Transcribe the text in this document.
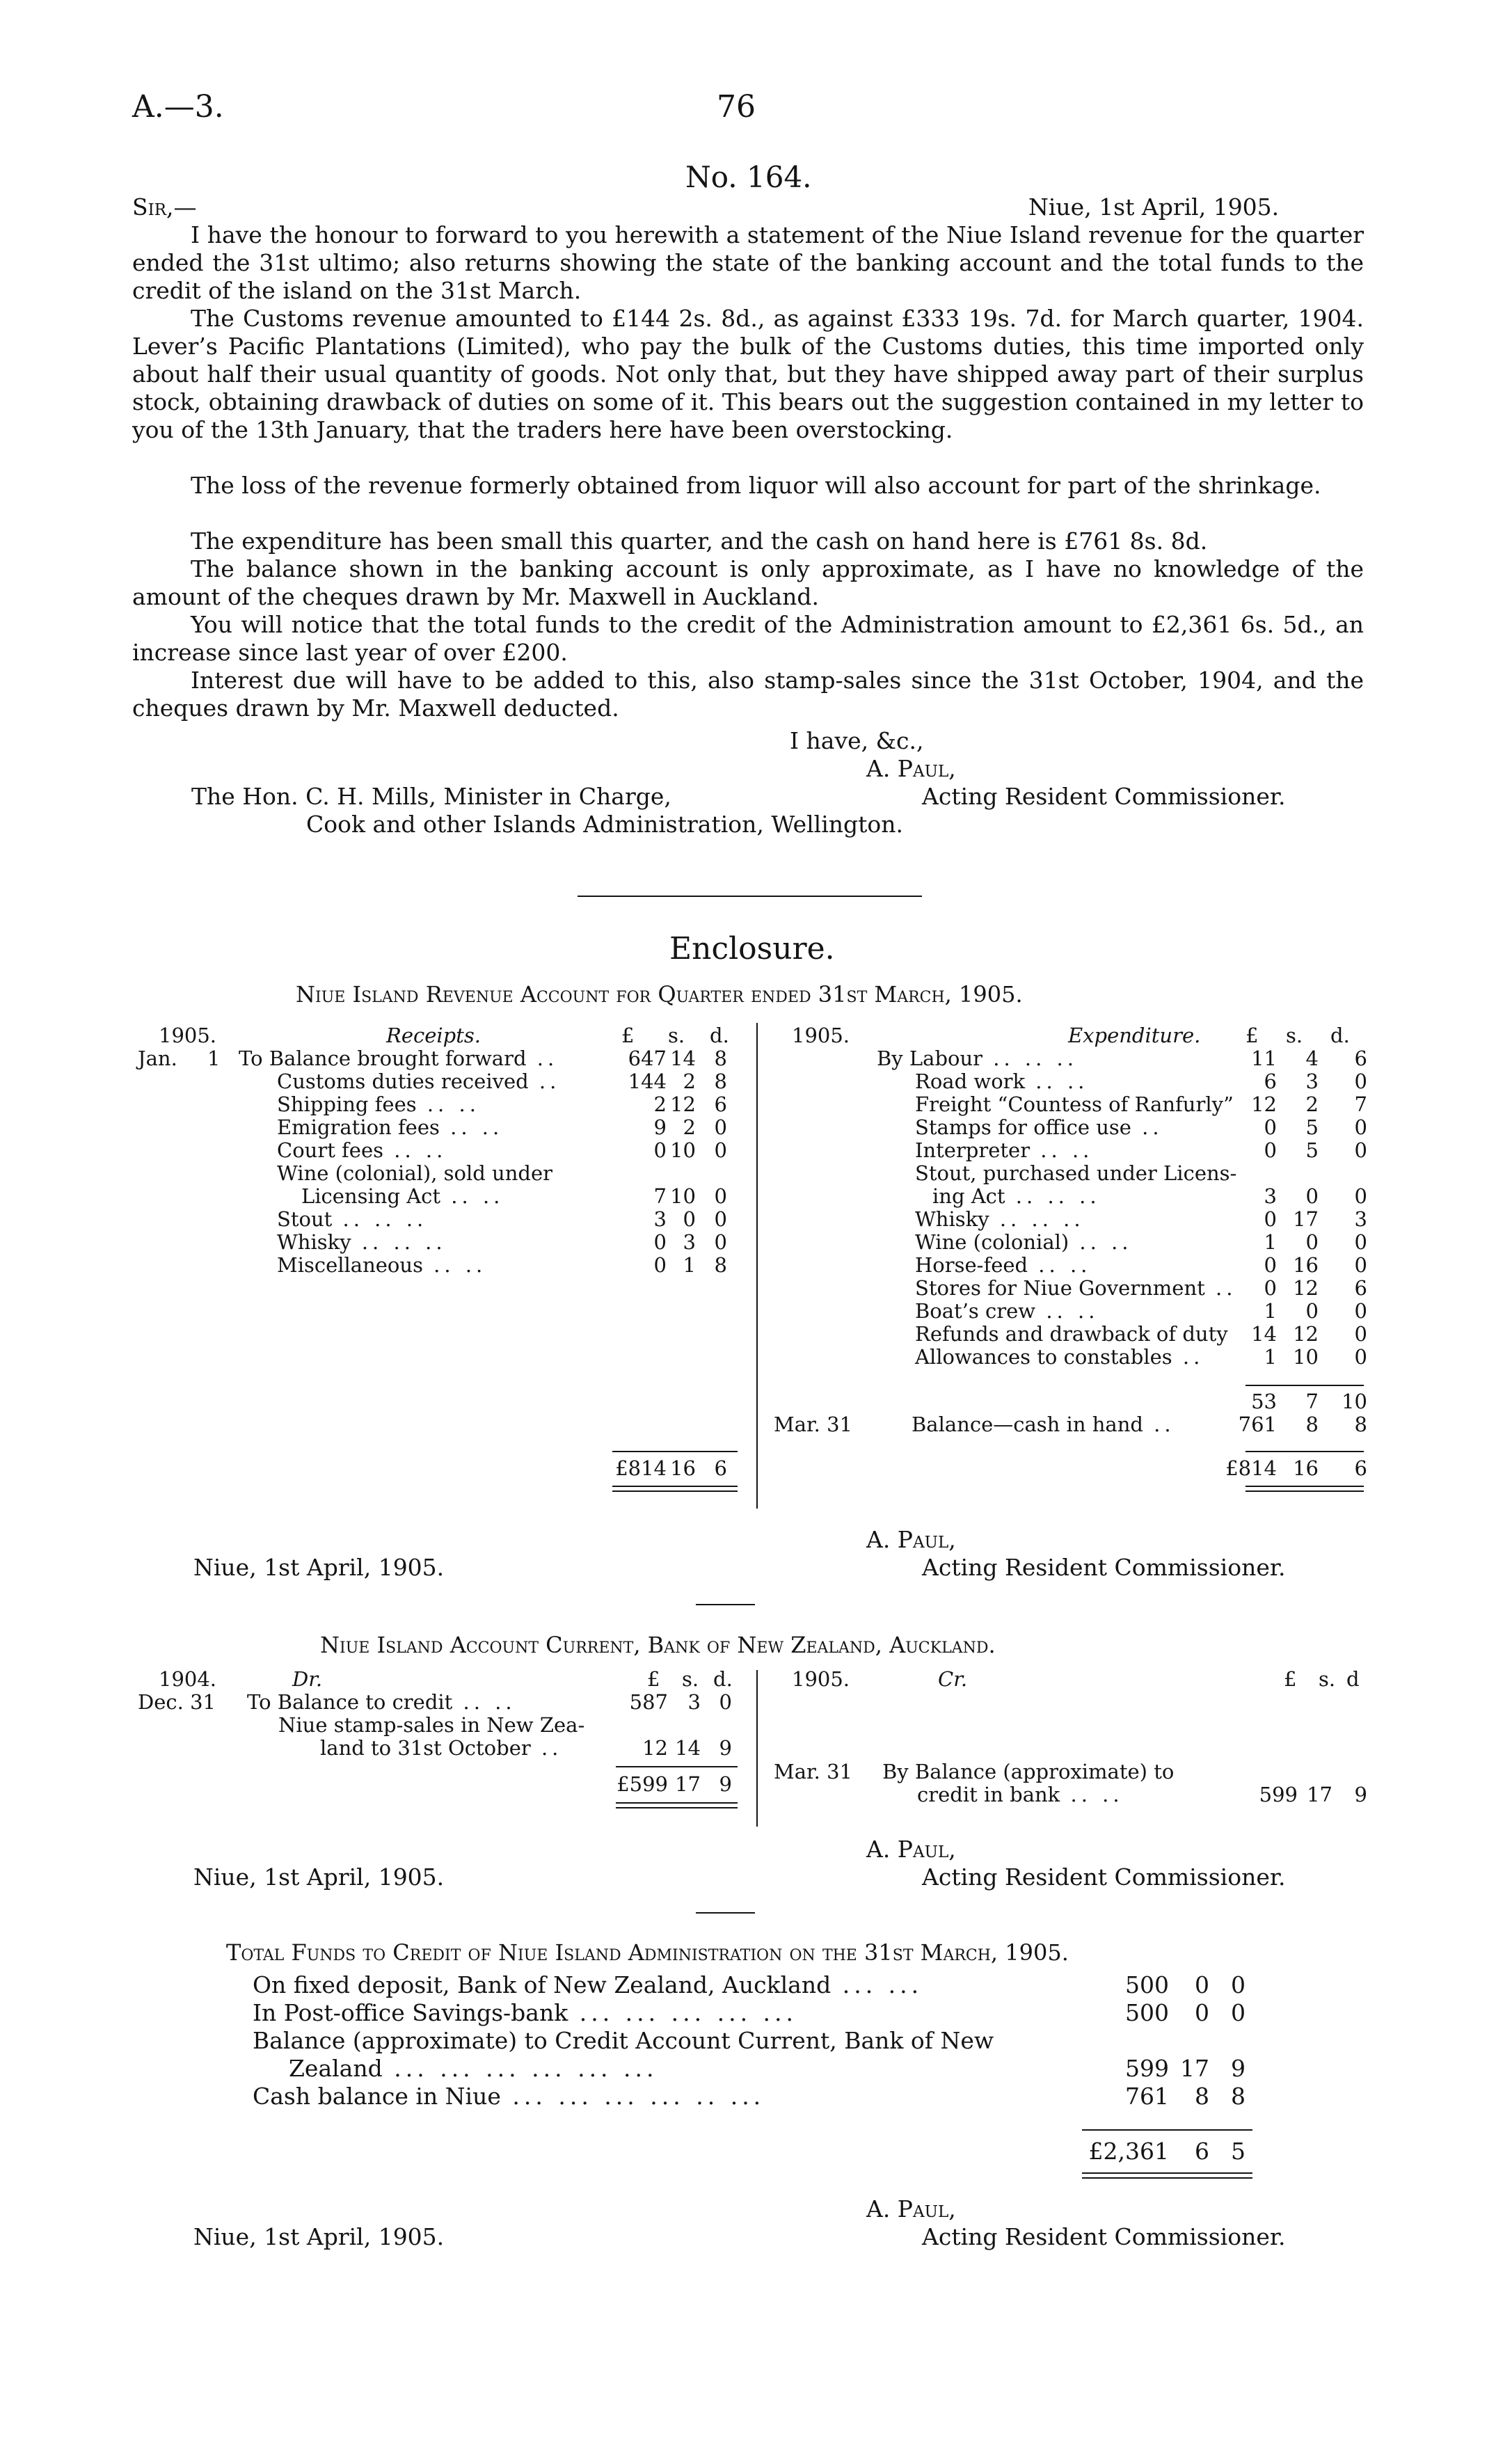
A.—3.	76
No. 164.
Sir,—	Niue, 1st April, 1905.
I have the honour to forward to you herewith a statement of the Niue Island revenue for the quarter ended the 31st ultimo; also returns showing the state of the banking account and the total funds to the credit of the island on the 31st March.
The Customs revenue amounted to £144 2s. 8d., as against £333 19s. 7d. for March quarter, 1904. Lever’s Pacific Plantations (Limited), who pay the bulk of the Customs duties, this time imported only about half their usual quantity of goods. Not only that, but they have shipped away part of their surplus stock, obtaining drawback of duties on some of it. This bears out the suggestion contained in my letter to you of the 13th January, that the traders here have been overstocking.
The loss of the revenue formerly obtained from liquor will also account for part of the shrinkage.
The expenditure has been small this quarter, and the cash on hand here is £761 8s. 8d.
The balance shown in the banking account is only approximate, as I have no knowledge of the amount of the cheques drawn by Mr. Maxwell in Auckland.
You will notice that the total funds to the credit of the Administration amount to £2,361 6s. 5d., an increase since last year of over £200.
Interest due will have to be added to this, also stamp-sales since the 31st October, 1904, and the cheques drawn by Mr. Maxwell deducted.
I have, &c.,
A. Paul,
Acting Resident Commissioner.
The Hon. C. H. Mills, Minister in Charge,
Cook and other Islands Administration, Wellington.
Enclosure.
Niue Island Revenue Account for Quarter ended 31st March, 1905.
1905.	Receipts.	£ s. d.
Jan. 1 To Balance brought forward ..	647 14 8
Customs duties received ..	144 2 8
Shipping fees .. ..	2 12 6
Emigration fees .. ..	9 2 0
Court fees .. ..	0 10 0
Wine (colonial), sold under
Licensing Act .. ..	7 10 0
Stout .. .. ..	3 0 0
Whisky .. .. ..	0 3 0
Miscellaneous .. ..	0 1 8
£814 16 6
1905.	Expenditure. £ s. d.
By Labour .. .. ..	11	4	6
Road work .. ..	6	3	0
Freight “Countess of Ranfurly” 12	2	7
Stamps for office use ..	0	5	0
Interpreter .. ..	0	5	0
Stout, purchased under Licens-
ing Act .. .. ..	3	0	0
Whisky .. .. ..	0 17	3
Wine (colonial) .. ..	1	0	0
Horse-feed .. ..	0 16	0
Stores for Niue Government ..	0 12	6
Boat’s crew .. ..	1	0	0
Refunds and drawback of duty	14 12	0
Allowances to constables ..	1 10	0
53	7	10
Mar. 31	Balance—cash in hand ..	761	8	8
£814 16	6
A. Paul,
Acting Resident Commissioner.
Niue, 1st April, 1905.
Niue Island Account Current, Bank of New Zealand, Auckland.
1904.	Dr.	£ s. d.
Dec. 31 To Balance to credit .. ..	587 3 0
Niue stamp-sales in New Zea-
land to 31st October ..	12 14 9
£599 17 9
1905.	Cr.	£ s. d
Mar. 31 By Balance (approximate) to
credit in bank .. ..	599 17	9
A. Paul,
Acting Resident Commissioner.
Niue, 1st April, 1905.
Total Funds to Credit of Niue Island Administration on the 31st March, 1905.
On fixed deposit, Bank of New Zealand, Auckland ... ...	500	0 0
In Post-office Savings-bank ... ... ... ... ...	500	0 0
Balance (approximate) to Credit Account Current, Bank of New
Zealand ... ... ... ... ... ...	599 17 9
Cash balance in Niue ... ... ... ... .. ...	761	8 8
£2,361	6 5
A. Paul,
Acting Resident Commissioner.
Niue, 1st April, 1905.
